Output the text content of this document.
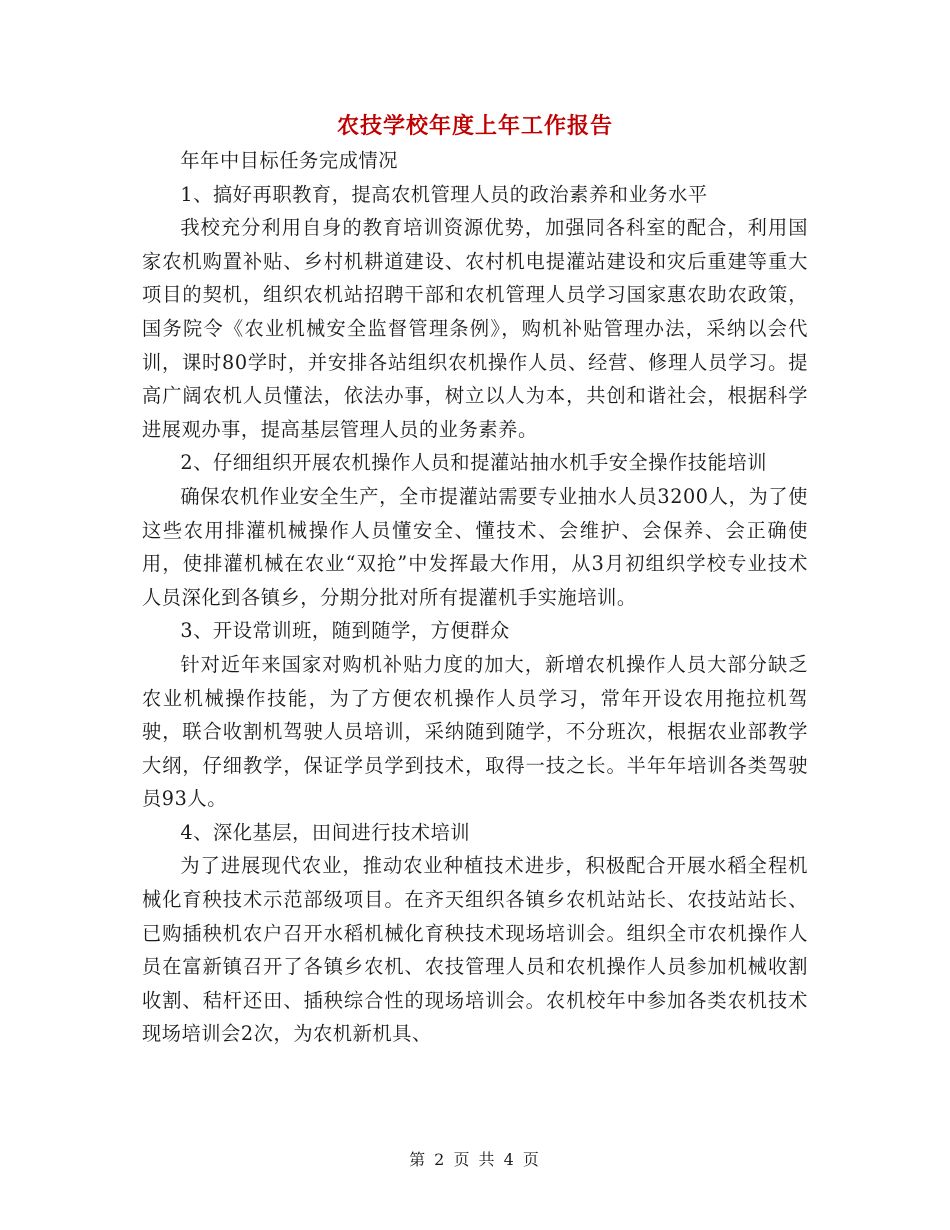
农技学校年度上年工作报告

年年中目标任务完成情况

1、搞好再职教育，提高农机管理人员的政治素养和业务水平

我校充分利用自身的教育培训资源优势，加强同各科室的配合，利用国家农机购置补贴、乡村机耕道建设、农村机电提灌站建设和灾后重建等重大项目的契机，组织农机站招聘干部和农机管理人员学习国家惠农助农政策，国务院令《农业机械安全监督管理条例》，购机补贴管理办法，采纳以会代训，课时80学时，并安排各站组织农机操作人员、经营、修理人员学习。提高广阔农机人员懂法，依法办事，树立以人为本，共创和谐社会，根据科学进展观办事，提高基层管理人员的业务素养。

2、仔细组织开展农机操作人员和提灌站抽水机手安全操作技能培训

确保农机作业安全生产，全市提灌站需要专业抽水人员3200人，为了使这些农用排灌机械操作人员懂安全、懂技术、会维护、会保养、会正确使用，使排灌机械在农业“双抢”中发挥最大作用，从3月初组织学校专业技术人员深化到各镇乡，分期分批对所有提灌机手实施培训。

3、开设常训班，随到随学，方便群众

针对近年来国家对购机补贴力度的加大，新增农机操作人员大部分缺乏农业机械操作技能，为了方便农机操作人员学习，常年开设农用拖拉机驾驶，联合收割机驾驶人员培训，采纳随到随学，不分班次，根据农业部教学大纲，仔细教学，保证学员学到技术，取得一技之长。半年年培训各类驾驶员93人。

4、深化基层，田间进行技术培训

为了进展现代农业，推动农业种植技术进步，积极配合开展水稻全程机械化育秧技术示范部级项目。在齐天组织各镇乡农机站站长、农技站站长、已购插秧机农户召开水稻机械化育秧技术现场培训会。组织全市农机操作人员在富新镇召开了各镇乡农机、农技管理人员和农机操作人员参加机械收割收割、秸杆还田、插秧综合性的现场培训会。农机校年中参加各类农机技术现场培训会2次，为农机新机具、

第 2 页 共 4 页
